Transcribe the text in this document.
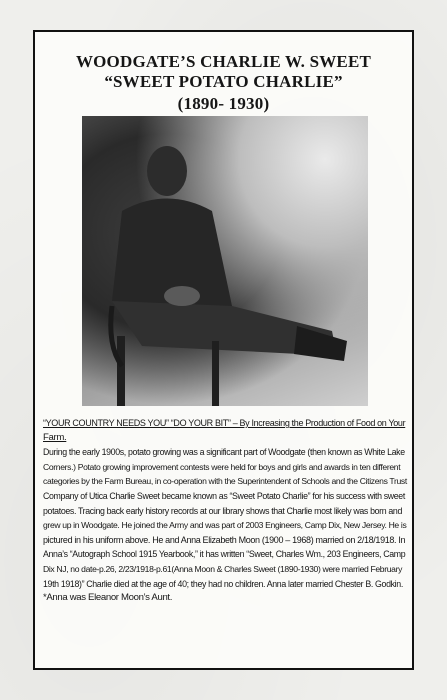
WOODGATE’S CHARLIE W. SWEET
“SWEET POTATO CHARLIE”
(1890- 1930)
“YOUR COUNTRY NEEDS YOU” “DO YOUR BIT” – By Increasing the Production of Food on Your
Farm.
During the early 1900s, potato growing was a significant part of Woodgate (then known as White Lake
Corners.) Potato growing improvement contests were held for boys and girls and awards in ten different
categories by the Farm Bureau, in co-operation with the Superintendent of Schools and the Citizens Trust
Company of Utica Charlie Sweet became known as “Sweet Potato Charlie” for his success with sweet
potatoes. Tracing back early history records at our library shows that Charlie most likely was born and
grew up in Woodgate. He joined the Army and was part of 2003 Engineers, Camp Dix, New Jersey. He is
pictured in his uniform above. He and Anna Elizabeth Moon (1900 – 1968) married on 2/18/1918. In
Anna’s “Autograph School 1915 Yearbook,” it has written “Sweet, Charles Wm., 203 Engineers, Camp
Dix NJ, no date-p.26, 2/23/1918-p.61(Anna Moon & Charles Sweet (1890-1930) were married February
19th 1918)” Charlie died at the age of 40; they had no children. Anna later married Chester B. Godkin.
*Anna was Eleanor Moon’s Aunt.
